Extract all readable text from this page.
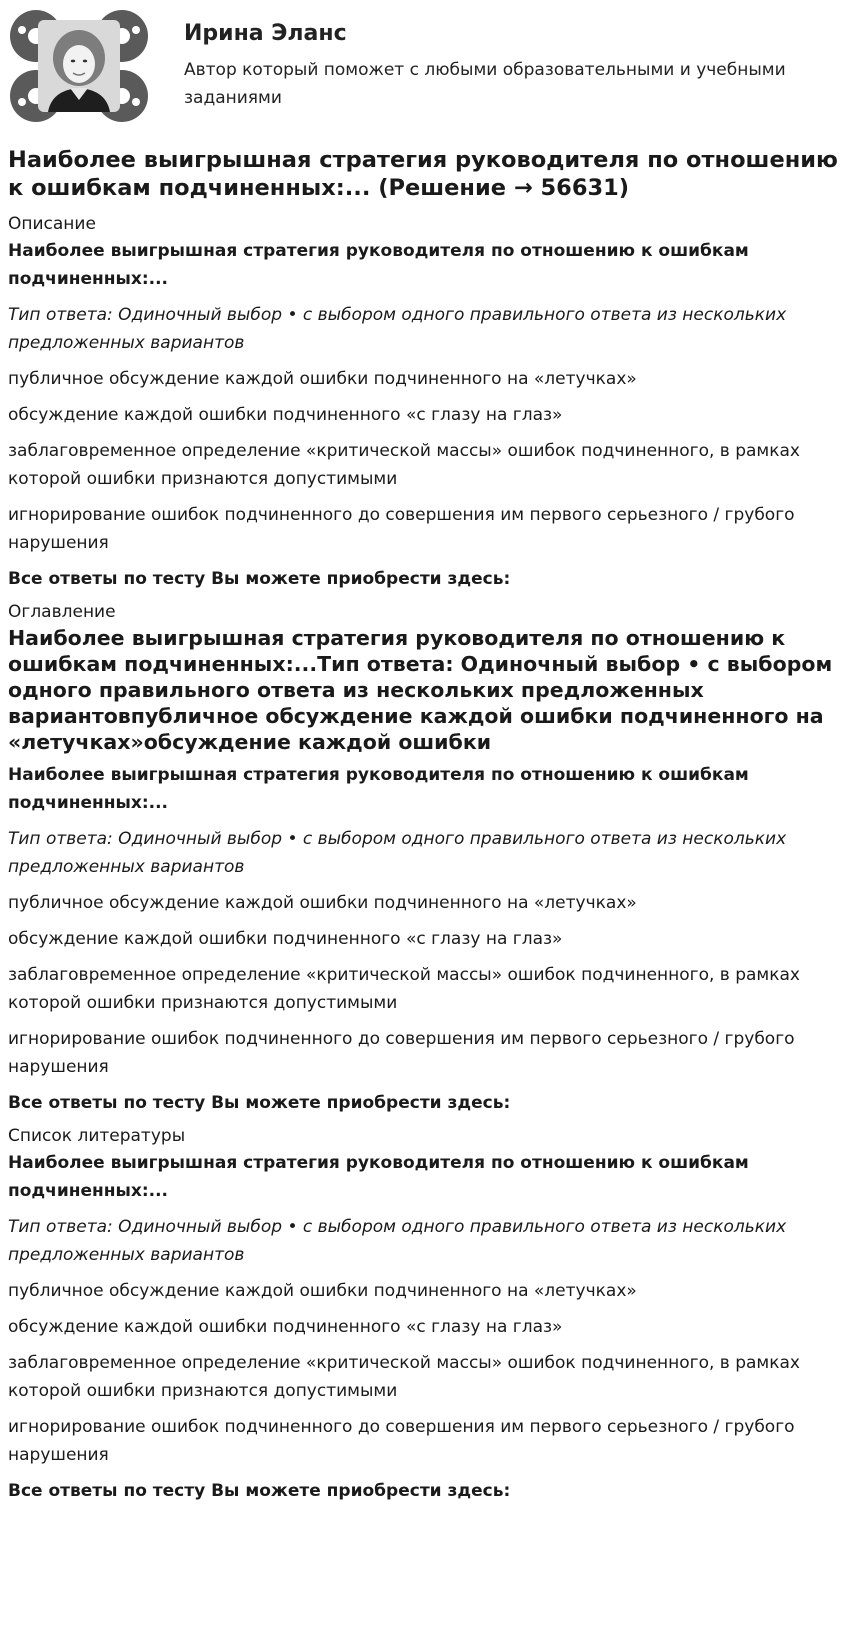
Ирина Эланс
Автор который поможет с любыми образовательными и учебными заданиями
Наиболее выигрышная стратегия руководителя по отношению к ошибкам подчиненных:... (Решение → 56631)
Описание
Наиболее выигрышная стратегия руководителя по отношению к ошибкам подчиненных:...
Тип ответа: Одиночный выбор • с выбором одного правильного ответа из нескольких предложенных вариантов
публичное обсуждение каждой ошибки подчиненного на «летучках»
обсуждение каждой ошибки подчиненного «с глазу на глаз»
заблаговременное определение «критической массы» ошибок подчиненного, в рамках которой ошибки признаются допустимыми
игнорирование ошибок подчиненного до совершения им первого серьезного / грубого нарушения
Все ответы по тесту Вы можете приобрести здесь:
Оглавление
Наиболее выигрышная стратегия руководителя по отношению к ошибкам подчиненных:...Тип ответа: Одиночный выбор • с выбором одного правильного ответа из нескольких предложенных вариантовпубличное обсуждение каждой ошибки подчиненного на «летучках»обсуждение каждой ошибки
Наиболее выигрышная стратегия руководителя по отношению к ошибкам подчиненных:...
Тип ответа: Одиночный выбор • с выбором одного правильного ответа из нескольких предложенных вариантов
публичное обсуждение каждой ошибки подчиненного на «летучках»
обсуждение каждой ошибки подчиненного «с глазу на глаз»
заблаговременное определение «критической массы» ошибок подчиненного, в рамках которой ошибки признаются допустимыми
игнорирование ошибок подчиненного до совершения им первого серьезного / грубого нарушения
Все ответы по тесту Вы можете приобрести здесь:
Список литературы
Наиболее выигрышная стратегия руководителя по отношению к ошибкам подчиненных:...
Тип ответа: Одиночный выбор • с выбором одного правильного ответа из нескольких предложенных вариантов
публичное обсуждение каждой ошибки подчиненного на «летучках»
обсуждение каждой ошибки подчиненного «с глазу на глаз»
заблаговременное определение «критической массы» ошибок подчиненного, в рамках которой ошибки признаются допустимыми
игнорирование ошибок подчиненного до совершения им первого серьезного / грубого нарушения
Все ответы по тесту Вы можете приобрести здесь:
